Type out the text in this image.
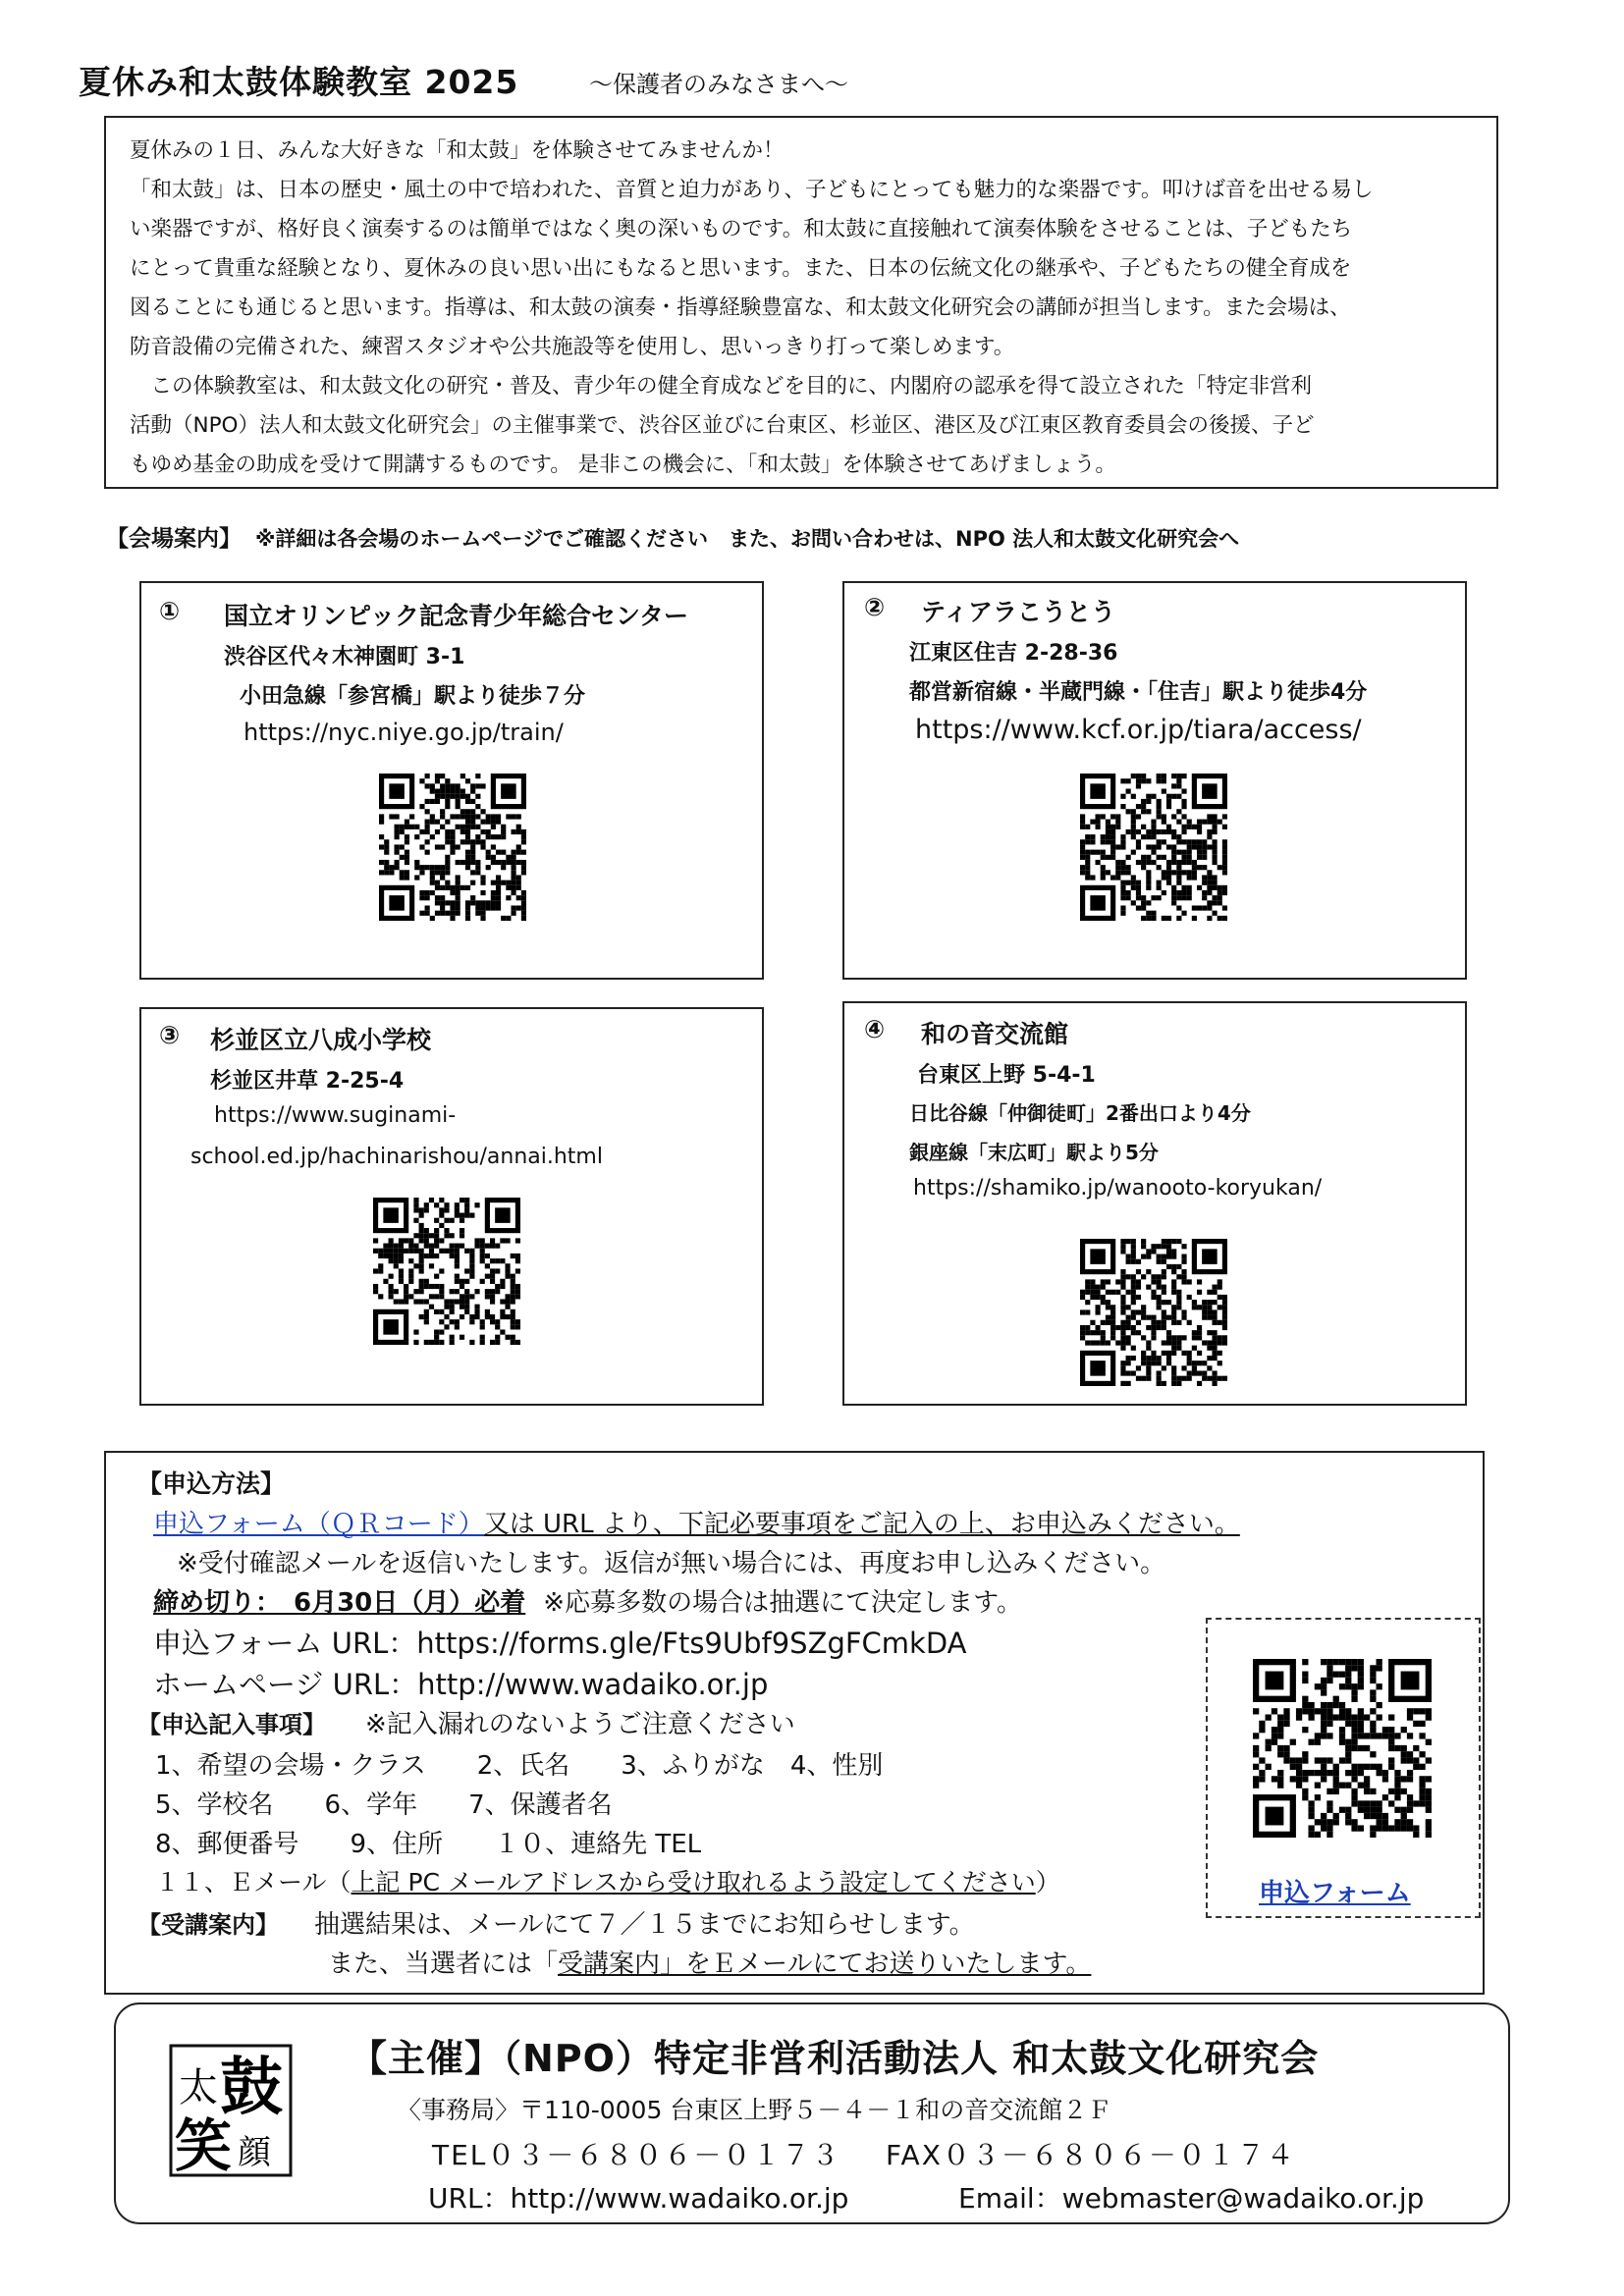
夏休み和太鼓体験教室 2025	～保護者のみなさまへ～

夏休みの１日、みんな大好きな「和太鼓」を体験させてみませんか！

「和太鼓」は、日本の歴史・風土の中で培われた、音質と迫力があり、子どもにとっても魅力的な楽器です。叩けば音を出せる易し

い楽器ですが、格好良く演奏するのは簡単ではなく奥の深いものです。和太鼓に直接触れて演奏体験をさせることは、子どもたち

にとって貴重な経験となり、夏休みの良い思い出にもなると思います。また、日本の伝統文化の継承や、子どもたちの健全育成を

図ることにも通じると思います。指導は、和太鼓の演奏・指導経験豊富な、和太鼓文化研究会の講師が担当します。また会場は、

防音設備の完備された、練習スタジオや公共施設等を使用し、思いっきり打って楽しめます。

　この体験教室は、和太鼓文化の研究・普及、青少年の健全育成などを目的に、内閣府の認承を得て設立された「特定非営利

活動（NPO）法人和太鼓文化研究会」の主催事業で、渋谷区並びに台東区、杉並区、港区及び江東区教育委員会の後援、子ど

もゆめ基金の助成を受けて開講するものです。 是非この機会に、「和太鼓」を体験させてあげましょう。

【会場案内】 ※詳細は各会場のホームページでご確認ください　また、お問い合わせは、NPO 法人和太鼓文化研究会へ
① 国立オリンピック記念青少年総合センター
渋谷区代々木神園町 3-1
小田急線「参宮橋」駅より徒歩７分
https://nyc.niye.go.jp/train/
② ティアラこうとう
江東区住吉 2-28-36
都営新宿線・半蔵門線・「住吉」駅より徒歩4分
https://www.kcf.or.jp/tiara/access/
③ 杉並区立八成小学校
杉並区井草 2-25-4
https://www.suginami-
school.ed.jp/hachinarishou/annai.html
④ 和の音交流館
台東区上野 5-4-1
日比谷線「仲御徒町」2番出口より4分
銀座線「末広町」駅より5分
https://shamiko.jp/wanooto-koryukan/
【申込方法】
申込フォーム（ＱＲコード）又は URL より、下記必要事項をご記入の上、お申込みください。
※受付確認メールを返信いたします。返信が無い場合には、再度お申し込みください。
締め切り：　6月30日（月）必着 ※応募多数の場合は抽選にて決定します。
申込フォーム URL：https://forms.gle/Fts9Ubf9SZgFCmkDA
ホームページ URL：http://www.wadaiko.or.jp
【申込記入事項】 ※記入漏れのないようご注意ください
1、希望の会場・クラス　　2、氏名　　3、ふりがな　4、性別
5、学校名　　6、学年　　7、保護者名
8、郵便番号　　9、住所　　１０、連絡先 TEL
１１、Ｅメール（上記 PC メールアドレスから受け取れるよう設定してください）
【受講案内】 抽選結果は、メールにて７／１５までにお知らせします。
また、当選者には「受講案内」をＥメールにてお送りいたします。
申込フォーム
太 鼓
笑 顔
【主催】（NPO）特定非営利活動法人 和太鼓文化研究会
〈事務局〉〒110-0005 台東区上野５－４－１和の音交流館２Ｆ
TEL０３－６８０６－０１７３ FAX０３－６８０６－０１７４
URL：http://www.wadaiko.or.jp	Email：webmaster@wadaiko.or.jp
